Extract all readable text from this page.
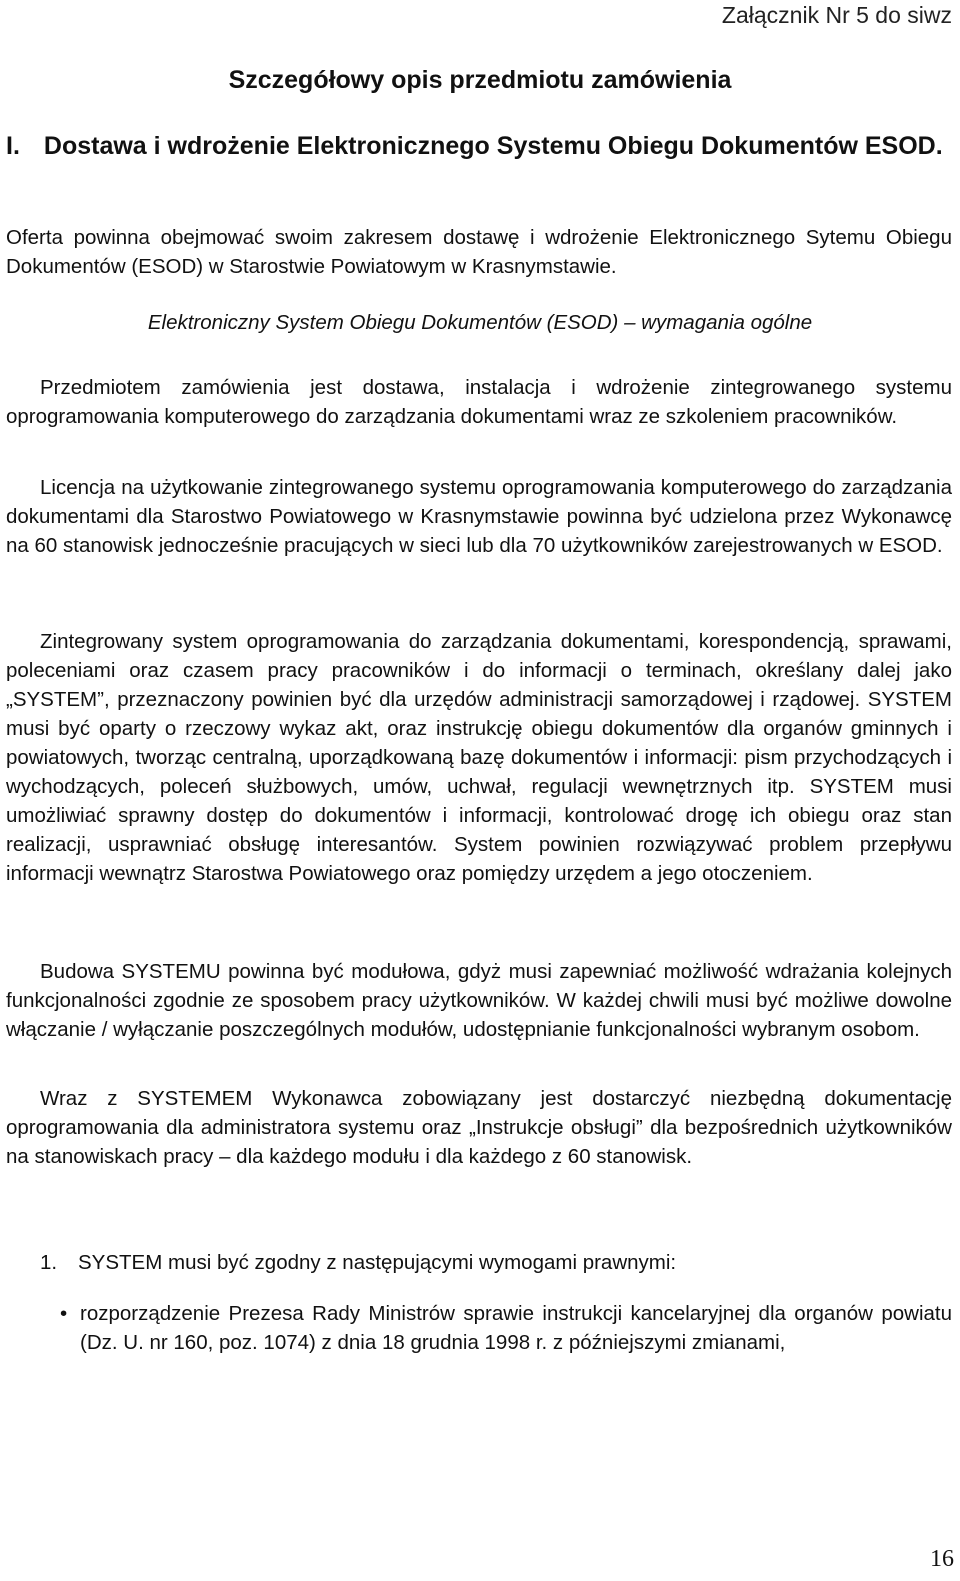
Załącznik Nr 5 do siwz
Szczegółowy opis przedmiotu zamówienia
I. Dostawa i wdrożenie Elektronicznego Systemu Obiegu Dokumentów ESOD.
Oferta powinna obejmować swoim zakresem dostawę i wdrożenie Elektronicznego Sytemu Obiegu Dokumentów (ESOD) w Starostwie Powiatowym w Krasnymstawie.
Elektroniczny System Obiegu Dokumentów (ESOD) – wymagania ogólne
Przedmiotem zamówienia jest dostawa, instalacja i wdrożenie zintegrowanego systemu oprogramowania komputerowego do zarządzania dokumentami wraz ze szkoleniem pracowników.
Licencja na użytkowanie zintegrowanego systemu oprogramowania komputerowego do zarządzania dokumentami dla Starostwo Powiatowego w Krasnymstawie powinna być udzielona przez Wykonawcę na 60 stanowisk jednocześnie pracujących w sieci lub dla 70 użytkowników zarejestrowanych w ESOD.
Zintegrowany system oprogramowania do zarządzania dokumentami, korespondencją, sprawami, poleceniami oraz czasem pracy pracowników i do informacji o terminach, określany dalej jako „SYSTEM”, przeznaczony powinien być dla urzędów administracji samorządowej i rządowej. SYSTEM musi być oparty o rzeczowy wykaz akt, oraz instrukcję obiegu dokumentów dla organów gminnych i powiatowych, tworząc centralną, uporządkowaną bazę dokumentów i informacji: pism przychodzących i wychodzących, poleceń służbowych, umów, uchwał, regulacji wewnętrznych itp. SYSTEM musi umożliwiać sprawny dostęp do dokumentów i informacji, kontrolować drogę ich obiegu oraz stan realizacji, usprawniać obsługę interesantów. System powinien rozwiązywać problem przepływu informacji wewnątrz Starostwa Powiatowego oraz pomiędzy urzędem a jego otoczeniem.
Budowa SYSTEMU powinna być modułowa, gdyż musi zapewniać możliwość wdrażania kolejnych funkcjonalności zgodnie ze sposobem pracy użytkowników. W każdej chwili musi być możliwe dowolne włączanie / wyłączanie poszczególnych modułów, udostępnianie funkcjonalności wybranym osobom.
Wraz z SYSTEMEM Wykonawca zobowiązany jest dostarczyć niezbędną dokumentację oprogramowania dla administratora systemu oraz „Instrukcje obsługi” dla bezpośrednich użytkowników na stanowiskach pracy – dla każdego modułu i dla każdego z 60 stanowisk.
1. SYSTEM musi być zgodny z następującymi wymogami prawnymi:
• rozporządzenie Prezesa Rady Ministrów sprawie instrukcji kancelaryjnej dla organów powiatu (Dz. U. nr 160, poz. 1074) z dnia 18 grudnia 1998 r. z późniejszymi zmianami,
16
